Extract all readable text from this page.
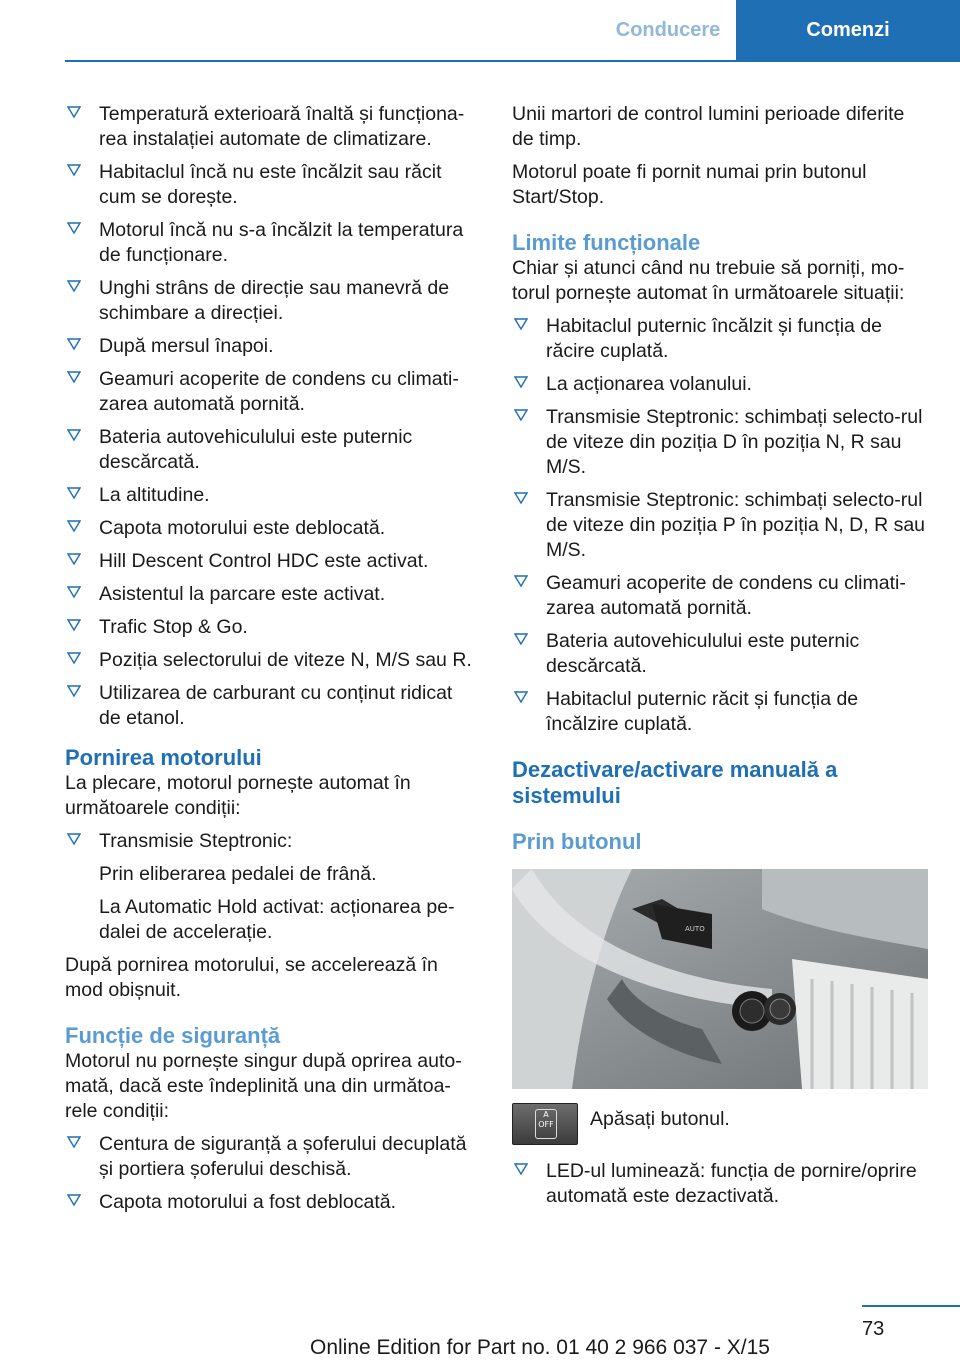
Conducere	Comenzi
Temperatură exterioară înaltă și funcționa-rea instalației automate de climatizare.
Habitaclul încă nu este încălzit sau răcit cum se dorește.
Motorul încă nu s-a încălzit la temperatura de funcționare.
Unghi strâns de direcție sau manevră de schimbare a direcției.
După mersul înapoi.
Geamuri acoperite de condens cu climati-zarea automată pornită.
Bateria autovehiculului este puternic descărcată.
La altitudine.
Capota motorului este deblocată.
Hill Descent Control HDC este activat.
Asistentul la parcare este activat.
Trafic Stop & Go.
Poziția selectorului de viteze N, M/S sau R.
Utilizarea de carburant cu conținut ridicat de etanol.
Pornirea motorului
La plecare, motorul pornește automat în următoarele condiții:
Transmisie Steptronic:
Prin eliberarea pedalei de frână.
La Automatic Hold activat: acționarea pe-dalei de accelerație.
După pornirea motorului, se accelerează în mod obișnuit.
Funcție de siguranță
Motorul nu pornește singur după oprirea auto-mată, dacă este îndeplinită una din următoa-rele condiții:
Centura de siguranță a șoferului decuplată și portiera șoferului deschisă.
Capota motorului a fost deblocată.
Unii martori de control lumini perioade diferite de timp.
Motorul poate fi pornit numai prin butonul Start/Stop.
Limite funcționale
Chiar și atunci când nu trebuie să porniți, mo-torul pornește automat în următoarele situații:
Habitaclul puternic încălzit și funcția de răcire cuplată.
La acționarea volanului.
Transmisie Steptronic: schimbați selecto-rul de viteze din poziția D în poziția N, R sau M/S.
Transmisie Steptronic: schimbați selecto-rul de viteze din poziția P în poziția N, D, R sau M/S.
Geamuri acoperite de condens cu climati-zarea automată pornită.
Bateria autovehiculului este puternic descărcată.
Habitaclul puternic răcit și funcția de încălzire cuplată.
Dezactivare/activare manuală a sistemului
Prin butonul
AUTO
A OFF Apăsați butonul.
LED-ul luminează: funcția de pornire/oprire automată este dezactivată.
73
Online Edition for Part no. 01 40 2 966 037 - X/15
